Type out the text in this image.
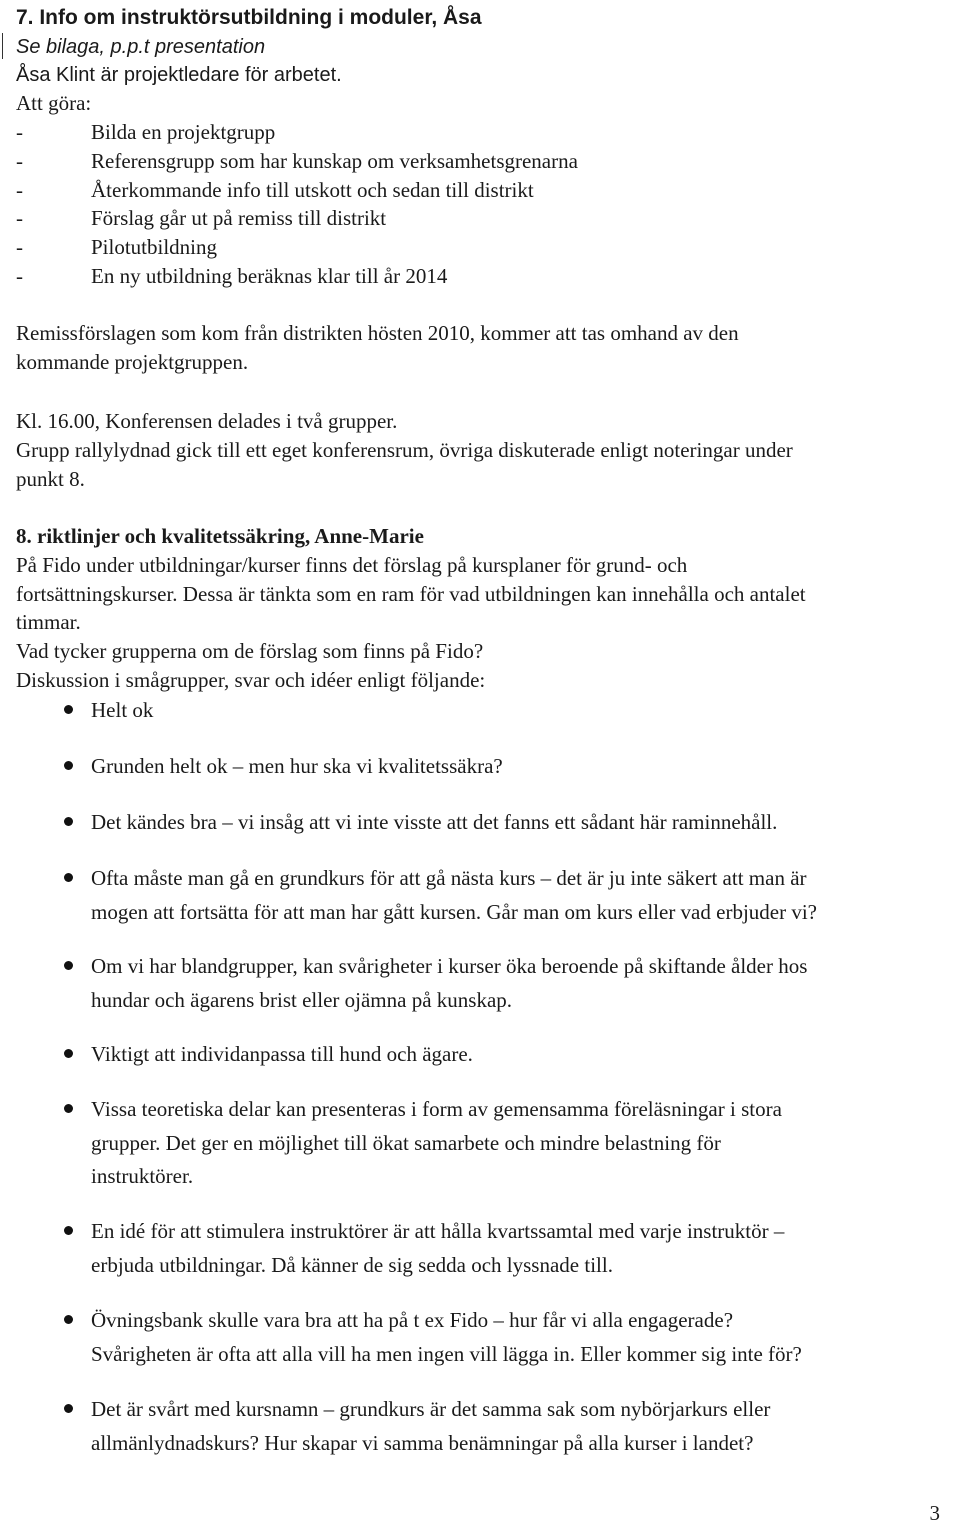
7. Info om instruktörsutbildning i moduler, Åsa
Se bilaga, p.p.t presentation
Åsa Klint är projektledare för arbetet.
Att göra:
-	Bilda en projektgrupp
-	Referensgrupp som har kunskap om verksamhetsgrenarna
-	Återkommande info till utskott och sedan till distrikt
-	Förslag går ut på remiss till distrikt
-	Pilotutbildning
-	En ny utbildning beräknas klar till år 2014
Remissförslagen som kom från distrikten hösten 2010, kommer att tas omhand av den
kommande projektgruppen.
Kl. 16.00, Konferensen delades i två grupper.
Grupp rallylydnad gick till ett eget konferensrum, övriga diskuterade enligt noteringar under
punkt 8.
8. riktlinjer och kvalitetssäkring, Anne-Marie
På Fido under utbildningar/kurser finns det förslag på kursplaner för grund- och
fortsättningskurser. Dessa är tänkta som en ram för vad utbildningen kan innehålla och antalet
timmar.
Vad tycker grupperna om de förslag som finns på Fido?
Diskussion i smågrupper, svar och idéer enligt följande:
Helt ok
Grunden helt ok – men hur ska vi kvalitetssäkra?
Det kändes bra – vi insåg att vi inte visste att det fanns ett sådant här raminnehåll.
Ofta måste man gå en grundkurs för att gå nästa kurs – det är ju inte säkert att man är
mogen att fortsätta för att man har gått kursen. Går man om kurs eller vad erbjuder vi?
Om vi har blandgrupper, kan svårigheter i kurser öka beroende på skiftande ålder hos
hundar och ägarens brist eller ojämna på kunskap.
Viktigt att individanpassa till hund och ägare.
Vissa teoretiska delar kan presenteras i form av gemensamma föreläsningar i stora
grupper. Det ger en möjlighet till ökat samarbete och mindre belastning för
instruktörer.
En idé för att stimulera instruktörer är att hålla kvartssamtal med varje instruktör –
erbjuda utbildningar. Då känner de sig sedda och lyssnade till.
Övningsbank skulle vara bra att ha på t ex Fido – hur får vi alla engagerade?
Svårigheten är ofta att alla vill ha men ingen vill lägga in. Eller kommer sig inte för?
Det är svårt med kursnamn – grundkurs är det samma sak som nybörjarkurs eller
allmänlydnadskurs? Hur skapar vi samma benämningar på alla kurser i landet?
3
